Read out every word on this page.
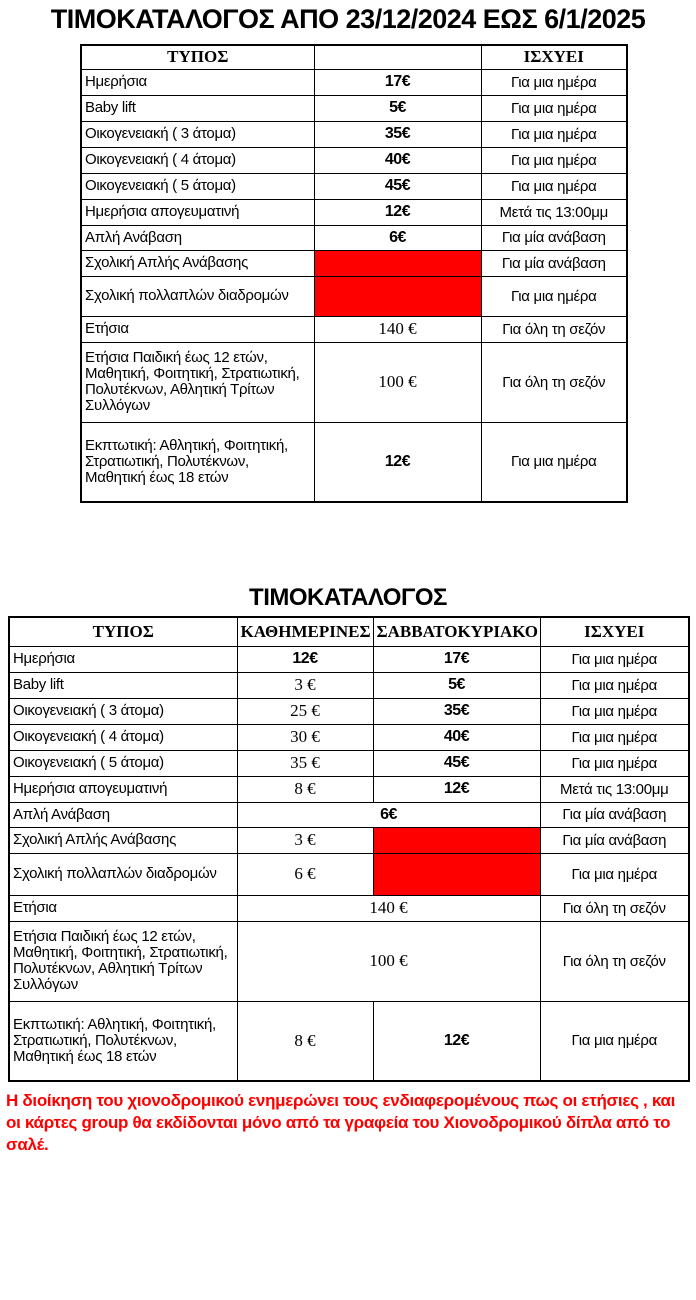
ΤΙΜΟΚΑΤΑΛΟΓΟΣ ΑΠΟ 23/12/2024 ΕΩΣ 6/1/2025
ΤΥΠΟΣ		ΙΣΧΥΕΙ
Ημερήσια	17€	Για μια ημέρα
Baby lift	5€	Για μια ημέρα
Οικογενειακή ( 3 άτομα)	35€	Για μια ημέρα
Οικογενειακή ( 4 άτομα)	40€	Για μια ημέρα
Οικογενειακή ( 5 άτομα)	45€	Για μια ημέρα
Ημερήσια απογευματινή	12€	Μετά τις 13:00μμ
Απλή Ανάβαση	6€	Για μία ανάβαση
Σχολική Απλής Ανάβασης		Για μία ανάβαση
Σχολική πολλαπλών διαδρομών		Για μια ημέρα
Ετήσια	140 €	Για όλη τη σεζόν
Ετήσια Παιδική έως 12 ετών, Μαθητική, Φοιτητική, Στρατιωτική, Πολυτέκνων, Αθλητική Τρίτων Συλλόγων	100 €	Για όλη τη σεζόν
Εκπτωτική: Αθλητική, Φοιτητική, Στρατιωτική, Πολυτέκνων, Μαθητική έως 18 ετών	12€	Για μια ημέρα
ΤΙΜΟΚΑΤΑΛΟΓΟΣ
ΤΥΠΟΣ	ΚΑΘΗΜΕΡΙΝΕΣ	ΣΑΒΒΑΤΟΚΥΡΙΑΚΟ	ΙΣΧΥΕΙ
Ημερήσια	12€	17€	Για μια ημέρα
Baby lift	3 €	5€	Για μια ημέρα
Οικογενειακή ( 3 άτομα)	25 €	35€	Για μια ημέρα
Οικογενειακή ( 4 άτομα)	30 €	40€	Για μια ημέρα
Οικογενειακή ( 5 άτομα)	35 €	45€	Για μια ημέρα
Ημερήσια απογευματινή	8 €	12€	Μετά τις 13:00μμ
Απλή Ανάβαση	6€		Για μία ανάβαση
Σχολική Απλής Ανάβασης	3 €		Για μία ανάβαση
Σχολική πολλαπλών διαδρομών	6 €		Για μια ημέρα
Ετήσια	140 €		Για όλη τη σεζόν
Ετήσια Παιδική έως 12 ετών, Μαθητική, Φοιτητική, Στρατιωτική, Πολυτέκνων, Αθλητική Τρίτων Συλλόγων	100 €		Για όλη τη σεζόν
Εκπτωτική: Αθλητική, Φοιτητική, Στρατιωτική, Πολυτέκνων, Μαθητική έως 18 ετών	8 €	12€	Για μια ημέρα
Η διοίκηση του χιονοδρομικού ενημερώνει τους ενδιαφερομένους πως οι ετήσιες , και οι κάρτες group θα εκδίδονται μόνο από τα γραφεία του Χιονοδρομικού δίπλα από το σαλέ.
